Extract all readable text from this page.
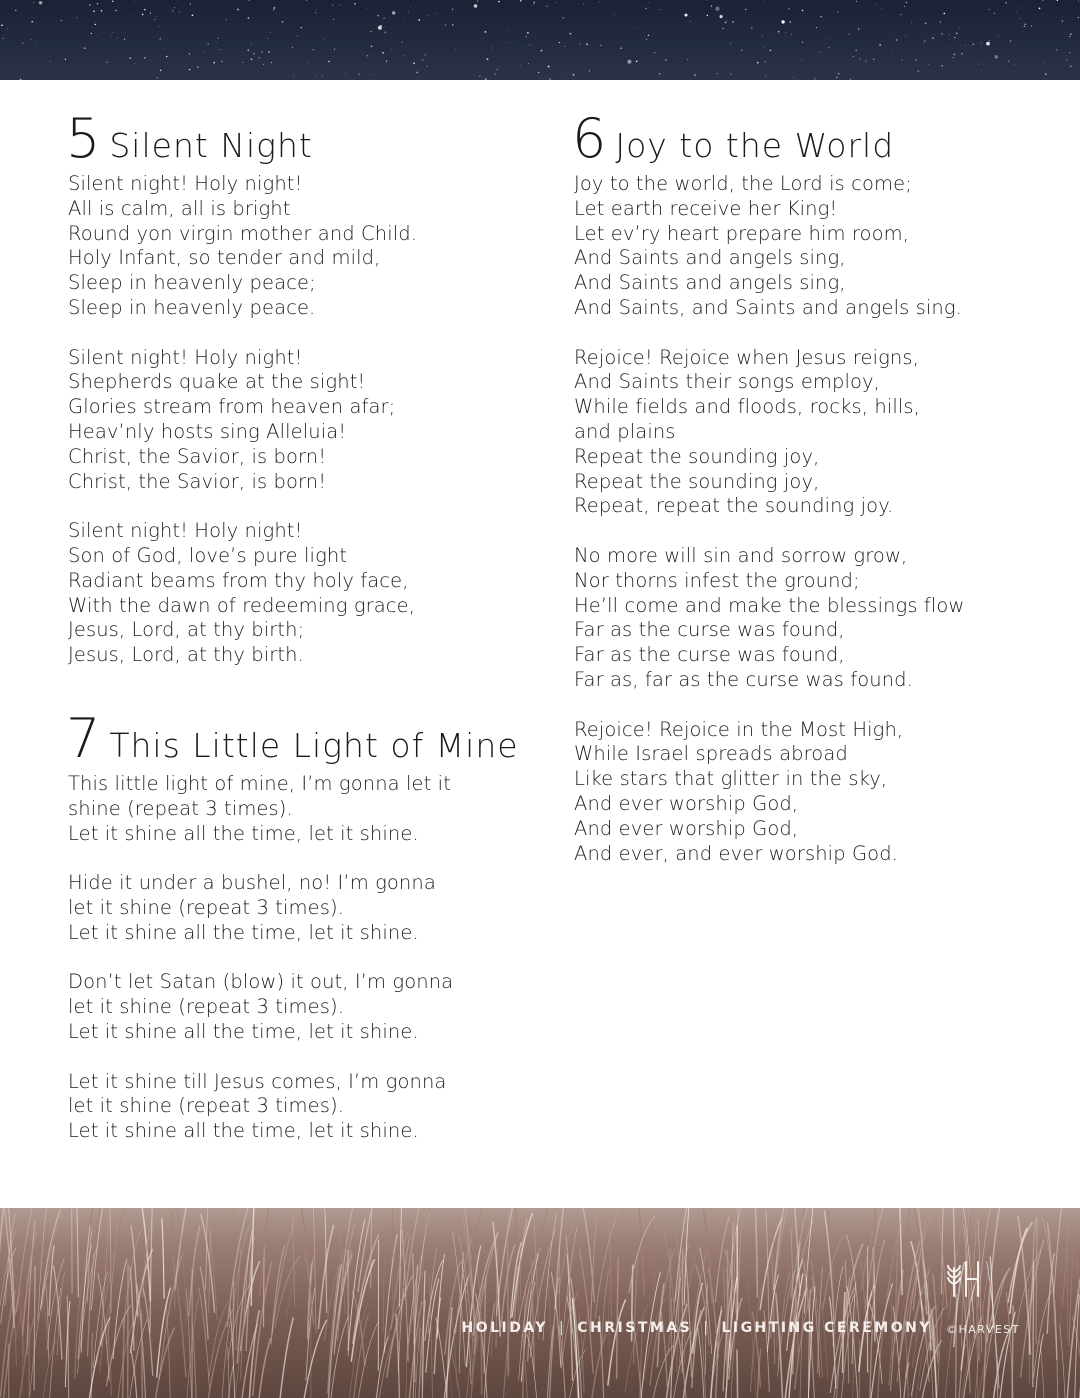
5 Silent Night
Silent night! Holy night!
All is calm, all is bright
Round yon virgin mother and Child.
Holy Infant, so tender and mild,
Sleep in heavenly peace;
Sleep in heavenly peace.
Silent night! Holy night!
Shepherds quake at the sight!
Glories stream from heaven afar;
Heav’nly hosts sing Alleluia!
Christ, the Savior, is born!
Christ, the Savior, is born!
Silent night! Holy night!
Son of God, love’s pure light
Radiant beams from thy holy face,
With the dawn of redeeming grace,
Jesus, Lord, at thy birth;
Jesus, Lord, at thy birth.
7 This Little Light of Mine
This little light of mine, I’m gonna let it
shine (repeat 3 times).
Let it shine all the time, let it shine.
Hide it under a bushel, no! I’m gonna
let it shine (repeat 3 times).
Let it shine all the time, let it shine.
Don’t let Satan (blow) it out, I’m gonna
let it shine (repeat 3 times).
Let it shine all the time, let it shine.
Let it shine till Jesus comes, I’m gonna
let it shine (repeat 3 times).
Let it shine all the time, let it shine.
6 Joy to the World
Joy to the world, the Lord is come;
Let earth receive her King!
Let ev’ry heart prepare him room,
And Saints and angels sing,
And Saints and angels sing,
And Saints, and Saints and angels sing.
Rejoice! Rejoice when Jesus reigns,
And Saints their songs employ,
While fields and floods, rocks, hills,
and plains
Repeat the sounding joy,
Repeat the sounding joy,
Repeat, repeat the sounding joy.
No more will sin and sorrow grow,
Nor thorns infest the ground;
He’ll come and make the blessings flow
Far as the curse was found,
Far as the curse was found,
Far as, far as the curse was found.
Rejoice! Rejoice in the Most High,
While Israel spreads abroad
Like stars that glitter in the sky,
And ever worship God,
And ever worship God,
And ever, and ever worship God.
HOLIDAY | CHRISTMAS | LIGHTING CEREMONY ©HARVEST
